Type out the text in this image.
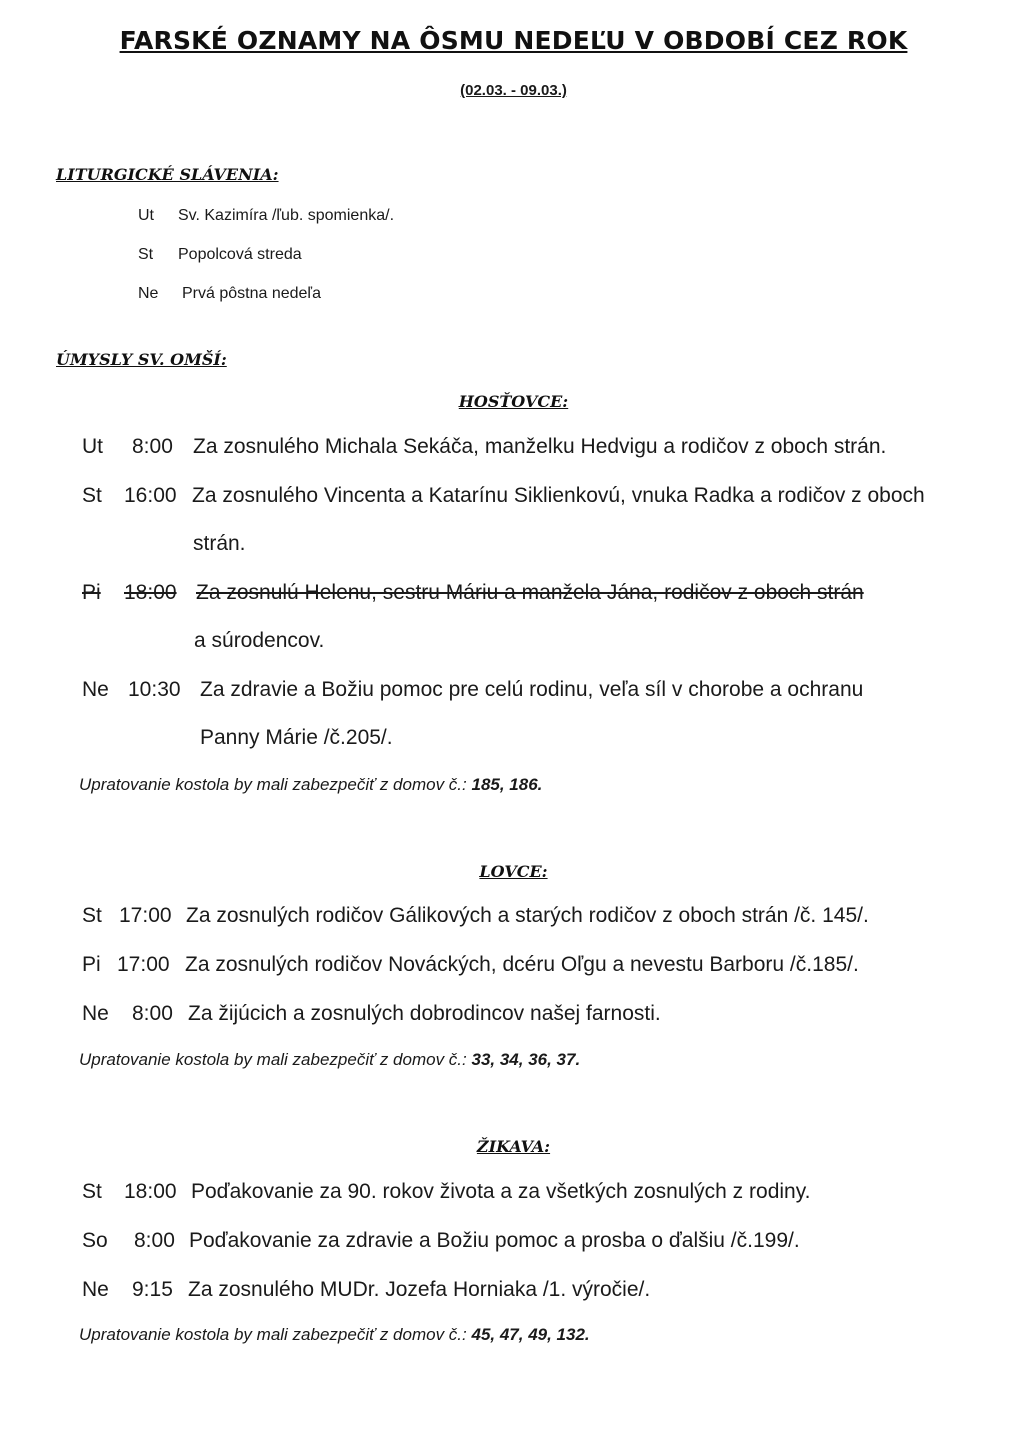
FARSKÉ OZNAMY NA ÔSMU NEDEĽU V OBDOBÍ CEZ ROK
(02.03. - 09.03.)
LITURGICKÉ SLÁVENIA:
Ut	Sv. Kazimíra /ľub. spomienka/.
St	Popolcová streda
Ne	Prvá pôstna nedeľa
ÚMYSLY SV. OMŠÍ:
HOSŤOVCE:
Ut 8:00 Za zosnulého Michala Sekáča, manželku Hedvigu a rodičov z oboch strán.
St 16:00 Za zosnulého Vincenta a Katarínu Siklienkovú, vnuka Radka a rodičov z oboch
strán.
Pi 18:00 Za zosnulú Helenu, sestru Máriu a manžela Jána, rodičov z oboch strán
a súrodencov.
Ne 10:30 Za zdravie a Božiu pomoc pre celú rodinu, veľa síl v chorobe a ochranu
Panny Márie /č.205/.
Upratovanie kostola by mali zabezpečiť z domov č.: 185, 186.
LOVCE:
St 17:00 Za zosnulých rodičov Gálikových a starých rodičov z oboch strán /č. 145/.
Pi 17:00 Za zosnulých rodičov Nováckých, dcéru Oľgu a nevestu Barboru /č.185/.
Ne 8:00 Za žijúcich a zosnulých dobrodincov našej farnosti.
Upratovanie kostola by mali zabezpečiť z domov č.: 33, 34, 36, 37.
ŽIKAVA:
St 18:00 Poďakovanie za 90. rokov života a za všetkých zosnulých z rodiny.
So 8:00 Poďakovanie za zdravie a Božiu pomoc a prosba o ďalšiu /č.199/.
Ne 9:15 Za zosnulého MUDr. Jozefa Horniaka /1. výročie/.
Upratovanie kostola by mali zabezpečiť z domov č.: 45, 47, 49, 132.
